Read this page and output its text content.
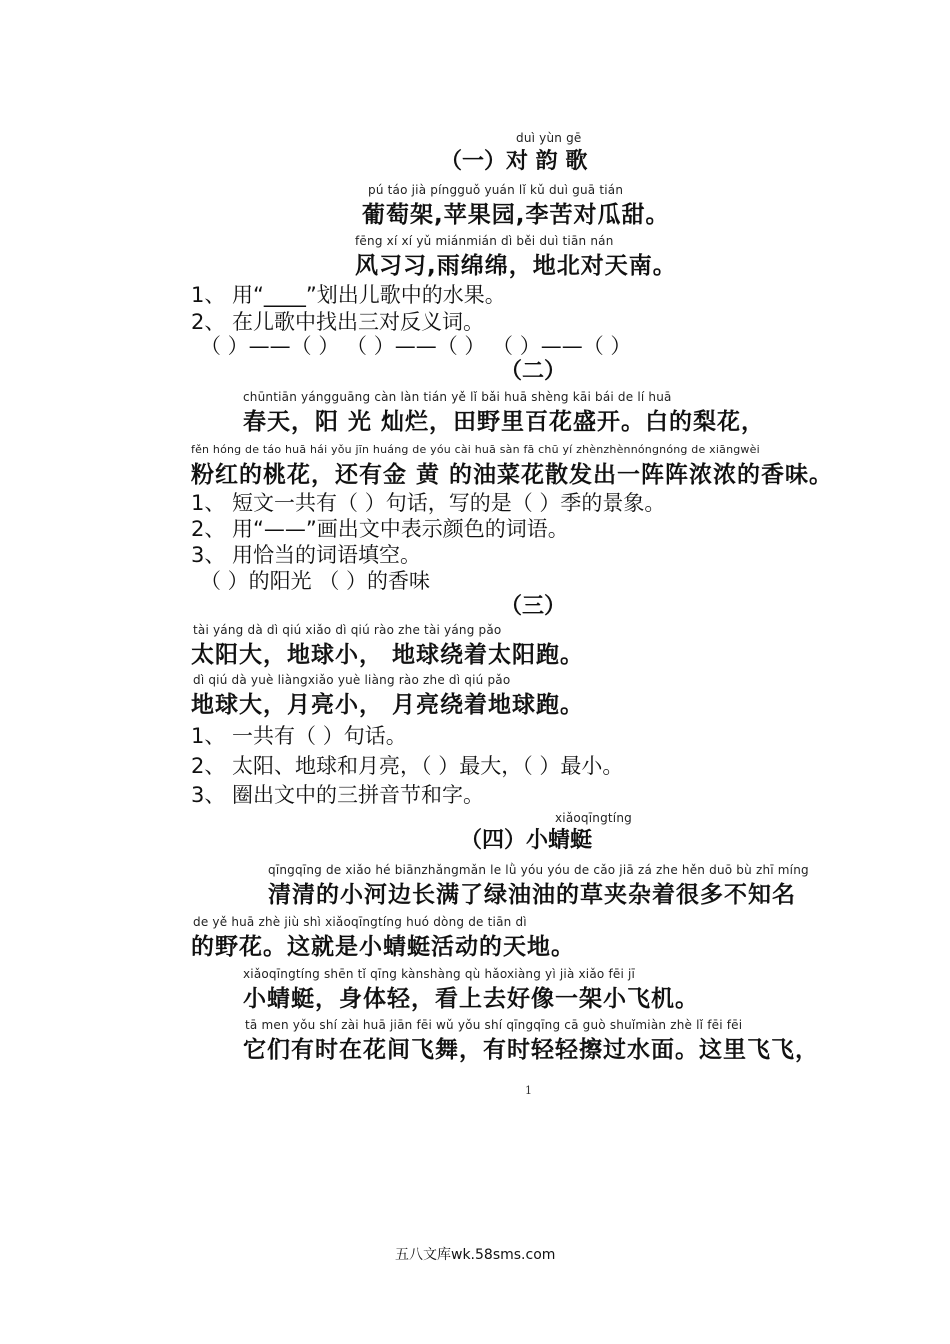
duì yùn gē
（一）对 韵 歌
pú táo jià píngguǒ yuán lǐ kǔ duì guā tián
葡萄架,苹果园,李苦对瓜甜。
fēng xí xí yǔ miánmián dì běi duì tiān nán
风习习,雨绵绵，地北对天南。
1、 用“____”划出儿歌中的水果。
2、 在儿歌中找出三对反义词。
（ ）——（ ） （ ）——（ ） （ ）——（ ）
（二）
chūntiān yángguāng càn làn tián yě lǐ bǎi huā shèng kāi bái de lí huā
春天，阳 光 灿烂，田野里百花盛开。白的梨花，
fěn hóng de táo huā hái yǒu jīn huáng de yóu cài huā sàn fā chū yí zhènzhènnóngnóng de xiāngwèi
粉红的桃花，还有金 黄 的油菜花散发出一阵阵浓浓的香味。
1、 短文一共有（ ）句话，写的是（ ）季的景象。
2、 用“——”画出文中表示颜色的词语。
3、 用恰当的词语填空。
（ ）的阳光 （ ）的香味
（三）
tài yáng dà dì qiú xiǎo dì qiú rào zhe tài yáng pǎo
太阳大，地球小， 地球绕着太阳跑。
dì qiú dà yuè liàngxiǎo yuè liàng rào zhe dì qiú pǎo
地球大，月亮小， 月亮绕着地球跑。
1、 一共有（ ）句话。
2、 太阳、地球和月亮，（ ）最大，（ ）最小。
3、 圈出文中的三拼音节和字。
xiǎoqīngtíng
（四）小蜻蜓
qīngqīng de xiǎo hé biānzhǎngmǎn le lǜ yóu yóu de cǎo jiā zá zhe hěn duō bù zhī míng
清清的小河边长满了绿油油的草夹杂着很多不知名
de yě huā zhè jiù shì xiǎoqīngtíng huó dòng de tiān dì
的野花。这就是小蜻蜓活动的天地。
xiǎoqīngtíng shēn tǐ qīng kànshàng qù hǎoxiàng yì jià xiǎo fēi jī
小蜻蜓，身体轻，看上去好像一架小飞机。
tā men yǒu shí zài huā jiān fēi wǔ yǒu shí qīngqīng cā guò shuǐmiàn zhè lǐ fēi fēi
它们有时在花间飞舞，有时轻轻擦过水面。这里飞飞，
1
五八文库wk.58sms.com
